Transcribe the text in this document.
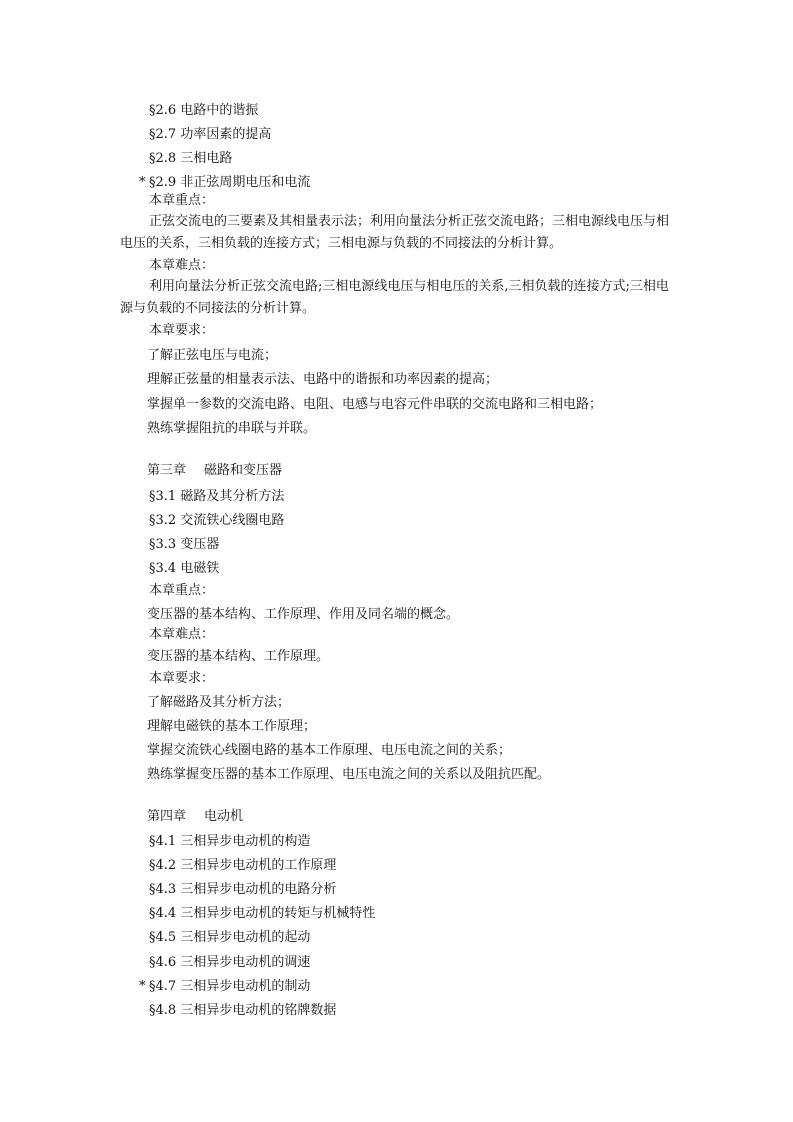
§2.6 电路中的谐振
§2.7 功率因素的提高
§2.8 三相电路
* §2.9 非正弦周期电压和电流
本章重点：
正弦交流电的三要素及其相量表示法；利用向量法分析正弦交流电路；三相电源线电压与相电压的关系，三相负载的连接方式；三相电源与负载的不同接法的分析计算。
本章难点：
利用向量法分析正弦交流电路;三相电源线电压与相电压的关系,三相负载的连接方式;三相电源与负载的不同接法的分析计算。
本章要求：
了解正弦电压与电流；
理解正弦量的相量表示法、电路中的谐振和功率因素的提高；
掌握单一参数的交流电路、电阻、电感与电容元件串联的交流电路和三相电路；
熟练掌握阻抗的串联与并联。
第三章 磁路和变压器
§3.1 磁路及其分析方法
§3.2 交流铁心线圈电路
§3.3 变压器
§3.4 电磁铁
本章重点：
变压器的基本结构、工作原理、作用及同名端的概念。
本章难点：
变压器的基本结构、工作原理。
本章要求：
了解磁路及其分析方法；
理解电磁铁的基本工作原理；
掌握交流铁心线圈电路的基本工作原理、电压电流之间的关系；
熟练掌握变压器的基本工作原理、电压电流之间的关系以及阻抗匹配。
第四章 电动机
§4.1 三相异步电动机的构造
§4.2 三相异步电动机的工作原理
§4.3 三相异步电动机的电路分析
§4.4 三相异步电动机的转矩与机械特性
§4.5 三相异步电动机的起动
§4.6 三相异步电动机的调速
* §4.7 三相异步电动机的制动
§4.8 三相异步电动机的铭牌数据
